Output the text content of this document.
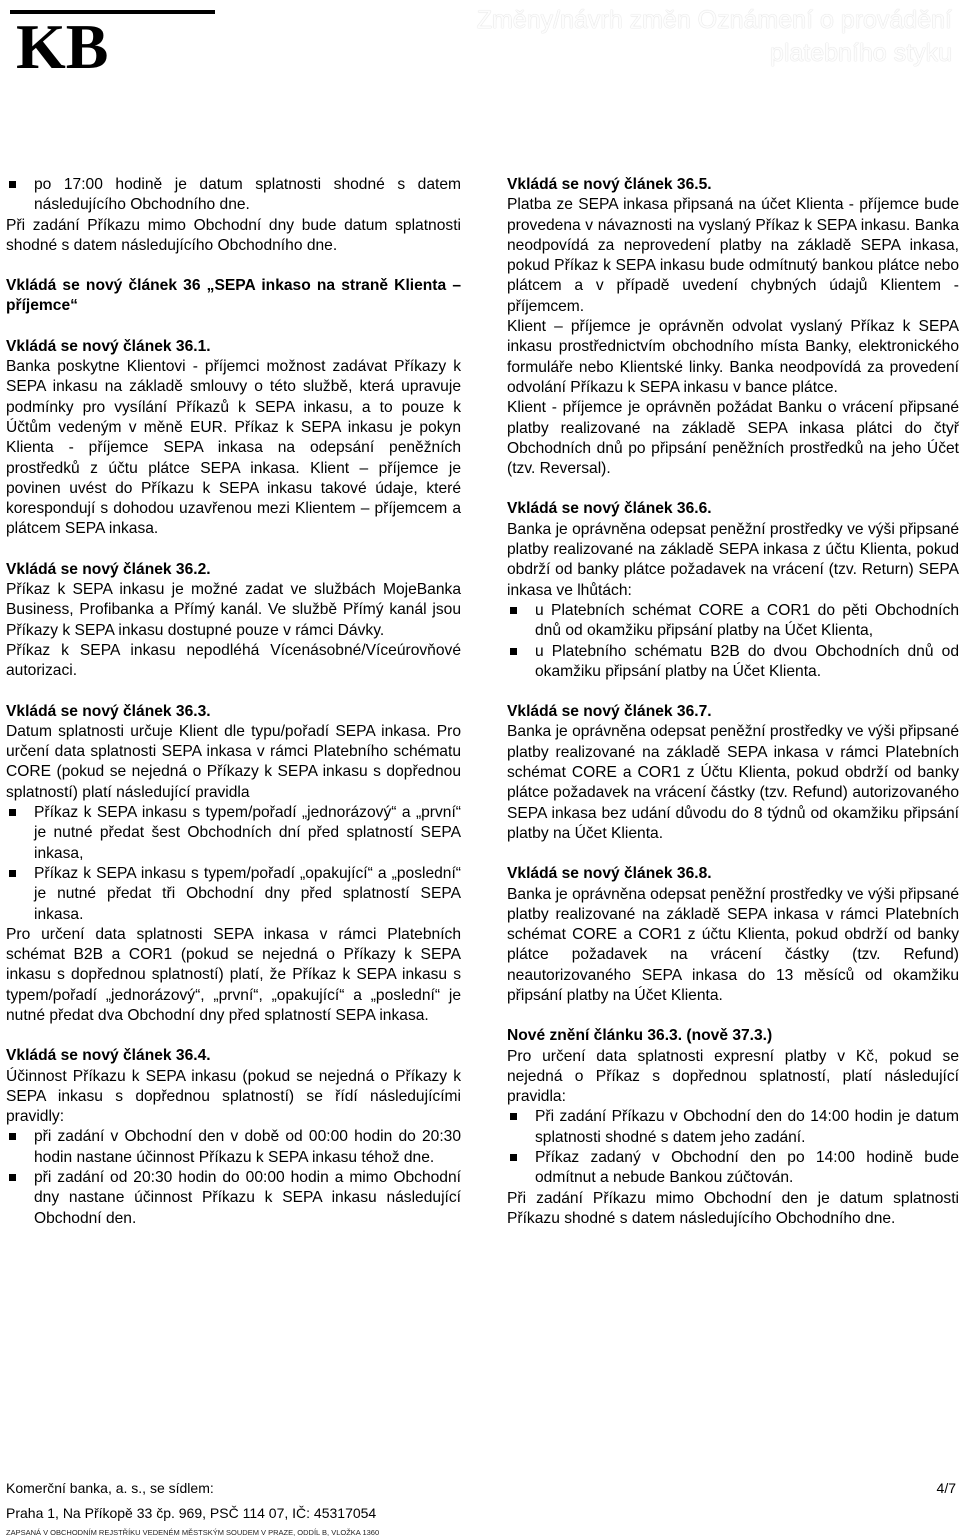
KB	Změny/návrh změn Oznámení o provádění
platebního styku
po 17:00 hodině je datum splatnosti shodné s datem následujícího Obchodního dne.

Při zadání Příkazu mimo Obchodní dny bude datum splatnosti shodné s datem následujícího Obchodního dne.

Vkládá se nový článek 36 „SEPA inkaso na straně Klienta – příjemce“

Vkládá se nový článek 36.1.

Banka poskytne Klientovi - příjemci možnost zadávat Příkazy k SEPA inkasu na základě smlouvy o této službě, která upravuje podmínky pro vysílání Příkazů k SEPA inkasu, a to pouze k Účtům vedeným v měně EUR. Příkaz k SEPA inkasu je pokyn Klienta - příjemce SEPA inkasa na odepsání peněžních prostředků z účtu plátce SEPA inkasa. Klient – příjemce je povinen uvést do Příkazu k SEPA inkasu takové údaje, které korespondují s dohodou uzavřenou mezi Klientem – příjemcem a plátcem SEPA inkasa.

Vkládá se nový článek 36.2.

Příkaz k SEPA inkasu je možné zadat ve službách MojeBanka Business, Profibanka a Přímý kanál. Ve službě Přímý kanál jsou Příkazy k SEPA inkasu dostupné pouze v rámci Dávky.

Příkaz k SEPA inkasu nepodléhá Vícenásobné/Víceúrovňové autorizaci.

Vkládá se nový článek 36.3.

Datum splatnosti určuje Klient dle typu/pořadí SEPA inkasa. Pro určení data splatnosti SEPA inkasa v rámci Platebního schématu CORE (pokud se nejedná o Příkazy k SEPA inkasu s dopřednou splatností) platí následující pravidla

Příkaz k SEPA inkasu s typem/pořadí „jednorázový“ a „první“ je nutné předat šest Obchodních dní před splatností SEPA inkasa,
Příkaz k SEPA inkasu s typem/pořadí „opakující“ a „poslední“ je nutné předat tři Obchodní dny před splatností SEPA inkasa.

Pro určení data splatnosti SEPA inkasa v rámci Platebních schémat B2B a COR1 (pokud se nejedná o Příkazy k SEPA inkasu s dopřednou splatností) platí, že Příkaz k SEPA inkasu s typem/pořadí „jednorázový“, „první“, „opakující“ a „poslední“ je nutné předat dva Obchodní dny před splatností SEPA inkasa.

Vkládá se nový článek 36.4.

Účinnost Příkazu k SEPA inkasu (pokud se nejedná o Příkazy k SEPA inkasu s dopřednou splatností) se řídí následujícími pravidly:

při zadání v Obchodní den v době od 00:00 hodin do 20:30 hodin nastane účinnost Příkazu k SEPA inkasu téhož dne.
při zadání od 20:30 hodin do 00:00 hodin a mimo Obchodní dny nastane účinnost Příkazu k SEPA inkasu následující Obchodní den.

Vkládá se nový článek 36.5.

Platba ze SEPA inkasa připsaná na účet Klienta - příjemce bude provedena v návaznosti na vyslaný Příkaz k SEPA inkasu. Banka neodpovídá za neprovedení platby na základě SEPA inkasa, pokud Příkaz k SEPA inkasu bude odmítnutý bankou plátce nebo plátcem a v případě uvedení chybných údajů Klientem - příjemcem.

Klient – příjemce je oprávněn odvolat vyslaný Příkaz k SEPA inkasu prostřednictvím obchodního místa Banky, elektronického formuláře nebo Klientské linky. Banka neodpovídá za provedení odvolání Příkazu k SEPA inkasu v bance plátce.

Klient - příjemce je oprávněn požádat Banku o vrácení připsané platby realizované na základě SEPA inkasa plátci do čtyř Obchodních dnů po připsání peněžních prostředků na jeho Účet (tzv. Reversal).

Vkládá se nový článek 36.6.

Banka je oprávněna odepsat peněžní prostředky ve výši připsané platby realizované na základě SEPA inkasa z účtu Klienta, pokud obdrží od banky plátce požadavek na vrácení (tzv. Return) SEPA inkasa ve lhůtách:

u Platebních schémat CORE a COR1 do pěti Obchodních dnů od okamžiku připsání platby na Účet Klienta,
u Platebního schématu B2B do dvou Obchodních dnů od okamžiku připsání platby na Účet Klienta.

Vkládá se nový článek 36.7.

Banka je oprávněna odepsat peněžní prostředky ve výši připsané platby realizované na základě SEPA inkasa v rámci Platebních schémat CORE a COR1 z Účtu Klienta, pokud obdrží od banky plátce požadavek na vrácení částky (tzv. Refund) autorizovaného SEPA inkasa bez udání důvodu do 8 týdnů od okamžiku připsání platby na Účet Klienta.

Vkládá se nový článek 36.8.

Banka je oprávněna odepsat peněžní prostředky ve výši připsané platby realizované na základě SEPA inkasa v rámci Platebních schémat CORE a COR1 z účtu Klienta, pokud obdrží od banky plátce požadavek na vrácení částky (tzv. Refund) neautorizovaného SEPA inkasa do 13 měsíců od okamžiku připsání platby na Účet Klienta.

Nové znění článku 36.3. (nově 37.3.)

Pro určení data splatnosti expresní platby v Kč, pokud se nejedná o Příkaz s dopřednou splatností, platí následující pravidla:

Při zadání Příkazu v Obchodní den do 14:00 hodin je datum splatnosti shodné s datem jeho zadání.
Příkaz zadaný v Obchodní den po 14:00 hodině bude odmítnut a nebude Bankou zúčtován.

Při zadání Příkazu mimo Obchodní den je datum splatnosti Příkazu shodné s datem následujícího Obchodního dne.

Komerční banka, a. s., se sídlem:	4/7
Praha 1, Na Příkopě 33 čp. 969, PSČ 114 07, IČ: 45317054
ZAPSANÁ V OBCHODNÍM REJSTŘÍKU VEDENÉM MĚSTSKÝM SOUDEM V PRAZE, ODDÍL B, VLOŽKA 1360
